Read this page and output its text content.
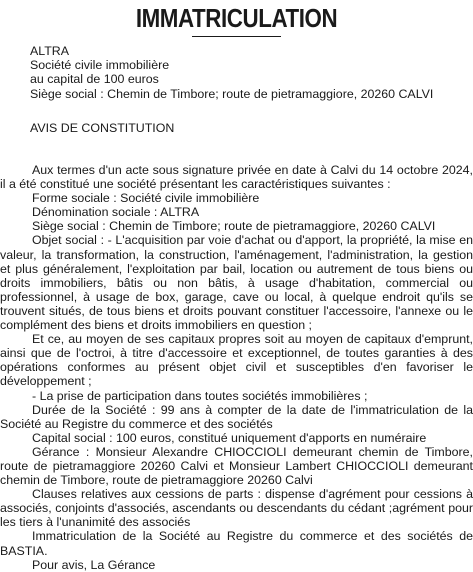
IMMATRICULATION
ALTRA
Société civile immobilière
au capital de 100 euros
Siège social : Chemin de Timbore; route de pietramaggiore, 20260 CALVI
AVIS DE CONSTITUTION

Aux termes d'un acte sous signature privée en date à Calvi du 14 octobre 2024, il a été constitué une société présentant les caractéristiques suivantes :

Forme sociale : Société civile immobilière

Dénomination sociale : ALTRA

Siège social : Chemin de Timbore; route de pietramaggiore, 20260 CALVI

Objet social : - L'acquisition par voie d'achat ou d'apport, la propriété, la mise en valeur, la transformation, la construction, l'aménagement, l'administration, la gestion et plus généralement, l'exploitation par bail, location ou autrement de tous biens ou droits immobiliers, bâtis ou non bâtis, à usage d'habitation, commercial ou professionnel, à usage de box, garage, cave ou local, à quelque endroit qu'ils se trouvent situés, de tous biens et droits pouvant constituer l'accessoire, l'annexe ou le complément des biens et droits immobiliers en question ;

Et ce, au moyen de ses capitaux propres soit au moyen de capitaux d'emprunt, ainsi que de l'octroi, à titre d'accessoire et exceptionnel, de toutes garanties à des opérations conformes au présent objet civil et susceptibles d'en favoriser le développement ;

- La prise de participation dans toutes sociétés immobilières ;

Durée de la Société : 99 ans à compter de la date de l'immatriculation de la Société au Registre du commerce et des sociétés

Capital social : 100 euros, constitué uniquement d'apports en numéraire

Gérance : Monsieur Alexandre CHIOCCIOLI demeurant chemin de Timbore, route de pietramaggiore 20260 Calvi et Monsieur Lambert CHIOCCIOLI demeurant chemin de Timbore, route de pietramaggiore 20260 Calvi

Clauses relatives aux cessions de parts : dispense d'agrément pour cessions à associés, conjoints d'associés, ascendants ou descendants du cédant ;agrément pour les tiers à l'unanimité des associés

Immatriculation de la Société au Registre du commerce et des sociétés de BASTIA.

Pour avis, La Gérance
